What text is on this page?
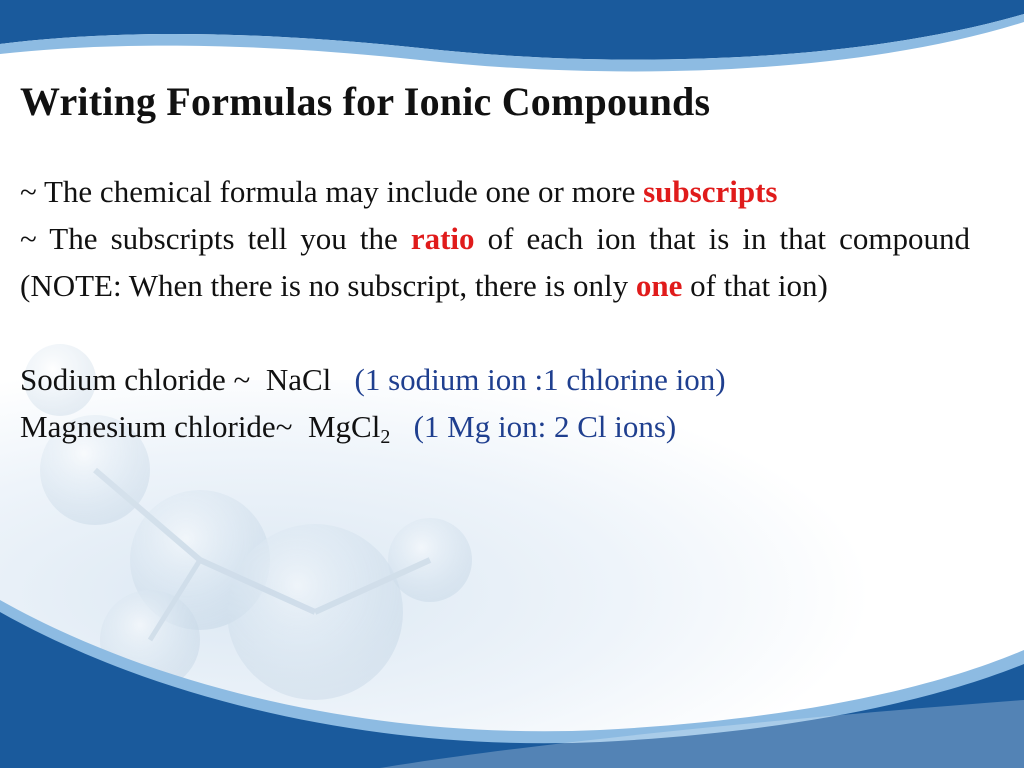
Writing Formulas for Ionic Compounds

~ The chemical formula may include one or more subscripts

~ The subscripts tell you the ratio of each ion that is in that compound (NOTE: When there is no subscript, there is only one of that ion)

Sodium chloride ~ NaCl (1 sodium ion :1 chlorine ion)

Magnesium chloride~ MgCl$_2$ (1 Mg ion: 2 Cl ions)
